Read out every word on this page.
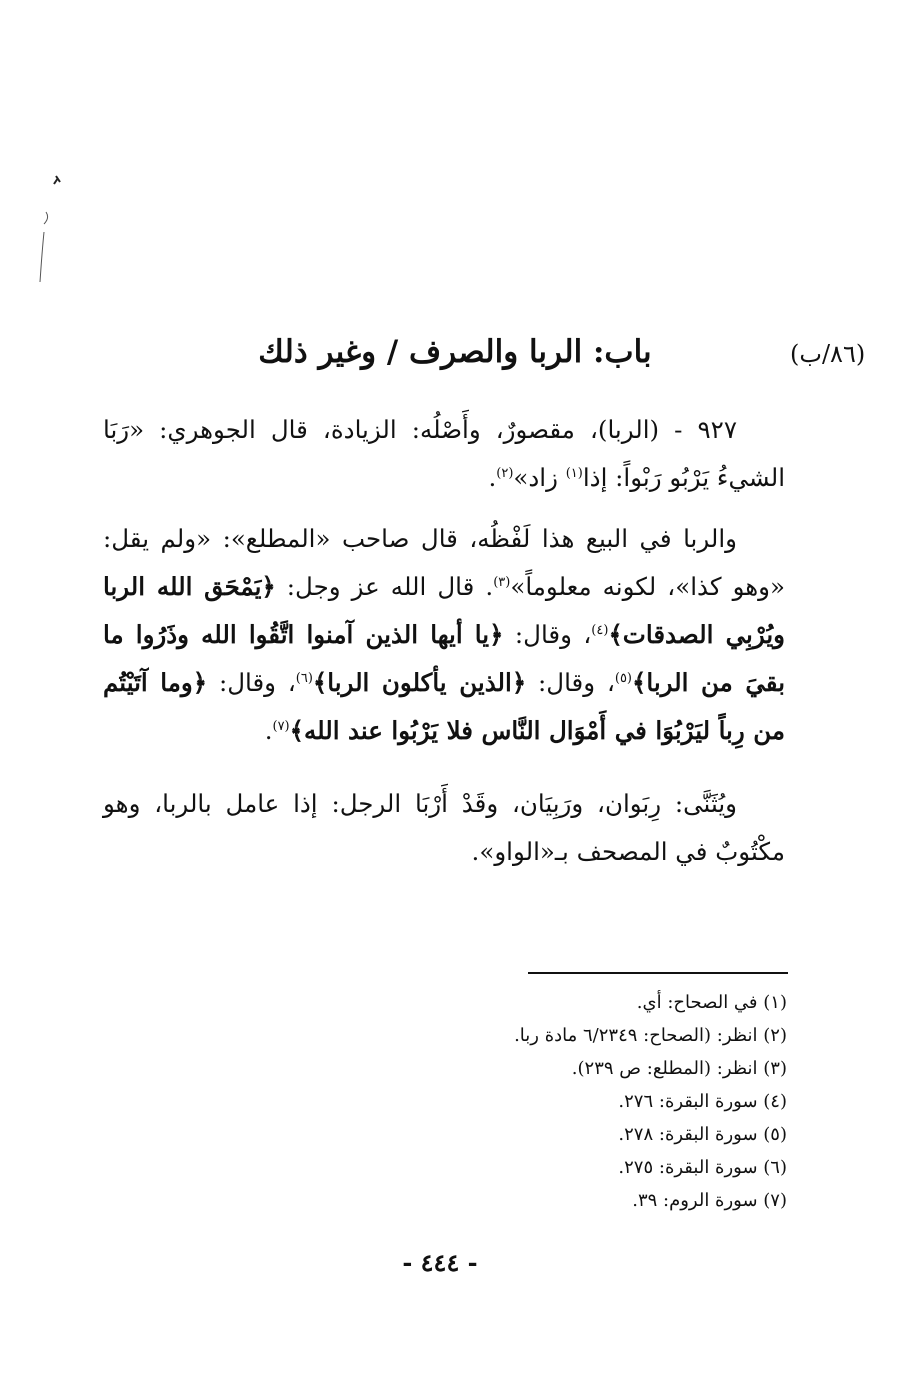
(٨٦/ب)
باب: الربا والصرف / وغير ذلك

٩٢٧ - (الربا)، مقصورٌ، وأَصْلُه: الزيادة، قال الجوهري: «رَبَا الشيءُ يَرْبُو رَبْواً: إذا$^{(١)}$ زاد»$^{(٢)}$.

والربا في البيع هذا لَفْظُه، قال صاحب «المطلع»: «ولم يقل: «وهو كذا»، لكونه معلوماً»$^{(٣)}$. قال الله عز وجل: ﴿يَمْحَق الله الربا ويُرْبِي الصدقات﴾$^{(٤)}$، وقال: ﴿يا أيها الذين آمنوا اتَّقُوا الله وذَرُوا ما بقيَ من الربا﴾$^{(٥)}$، وقال: ﴿الذين يأكلون الربا﴾$^{(٦)}$، وقال: ﴿وما آتَيْتُم من رِباً ليَرْبُوَا في أَمْوَال النَّاس فلا يَرْبُوا عند الله﴾$^{(٧)}$.

ويُثَنَّى: رِبَوان، ورَبِيَان، وقَدْ أَرْبَا الرجل: إذا عامل بالربا، وهو مكْتُوبٌ في المصحف بـ«الواو».

(١) في الصحاح: أي.
(٢) انظر: (الصحاح: ٦/٢٣٤٩ مادة ربا.
(٣) انظر: (المطلع: ص ٢٣٩).
(٤) سورة البقرة: ٢٧٦.
(٥) سورة البقرة: ٢٧٨.
(٦) سورة البقرة: ٢٧٥.
(٧) سورة الروم: ٣٩.
- ٤٤٤ -
